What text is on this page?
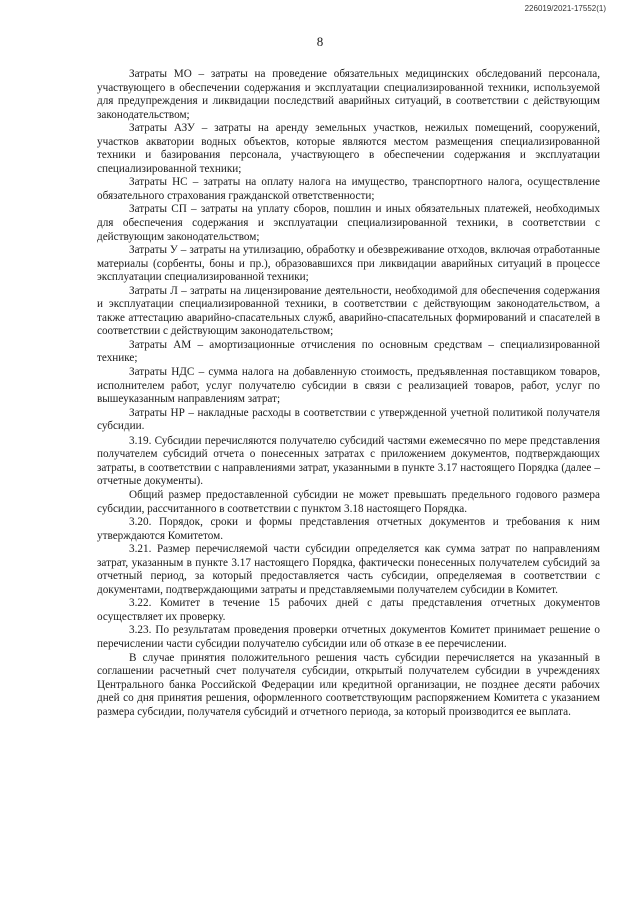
226019/2021-17552(1)
8

Затраты МО – затраты на проведение обязательных медицинских обследований персонала, участвующего в обеспечении содержания и эксплуатации специализированной техники, используемой для предупреждения и ликвидации последствий аварийных ситуаций, в соответствии с действующим законодательством;

Затраты АЗУ – затраты на аренду земельных участков, нежилых помещений, сооружений, участков акватории водных объектов, которые являются местом размещения специализированной техники и базирования персонала, участвующего в обеспечении содержания и эксплуатации специализированной техники;

Затраты НС – затраты на оплату налога на имущество, транспортного налога, осуществление обязательного страхования гражданской ответственности;

Затраты СП – затраты на уплату сборов, пошлин и иных обязательных платежей, необходимых для обеспечения содержания и эксплуатации специализированной техники, в соответствии с действующим законодательством;

Затраты У – затраты на утилизацию, обработку и обезвреживание отходов, включая отработанные материалы (сорбенты, боны и пр.), образовавшихся при ликвидации аварийных ситуаций в процессе эксплуатации специализированной техники;

Затраты Л – затраты на лицензирование деятельности, необходимой для обеспечения содержания и эксплуатации специализированной техники, в соответствии с действующим законодательством, а также аттестацию аварийно-спасательных служб, аварийно-спасательных формирований и спасателей в соответствии с действующим законодательством;

Затраты АМ – амортизационные отчисления по основным средствам – специализированной технике;

Затраты НДС – сумма налога на добавленную стоимость, предъявленная поставщиком товаров, исполнителем работ, услуг получателю субсидии в связи с реализацией товаров, работ, услуг по вышеуказанным направлениям затрат;

Затраты НР – накладные расходы в соответствии с утвержденной учетной политикой получателя субсидии.

3.19. Субсидии перечисляются получателю субсидий частями ежемесячно по мере представления получателем субсидий отчета о понесенных затратах с приложением документов, подтверждающих затраты, в соответствии с направлениями затрат, указанными в пункте 3.17 настоящего Порядка (далее – отчетные документы).

Общий размер предоставленной субсидии не может превышать предельного годового размера субсидии, рассчитанного в соответствии с пунктом 3.18 настоящего Порядка.

3.20. Порядок, сроки и формы представления отчетных документов и требования к ним утверждаются Комитетом.

3.21. Размер перечисляемой части субсидии определяется как сумма затрат по направлениям затрат, указанным в пункте 3.17 настоящего Порядка, фактически понесенных получателем субсидий за отчетный период, за который предоставляется часть субсидии, определяемая в соответствии с документами, подтверждающими затраты и представляемыми получателем субсидии в Комитет.

3.22. Комитет в течение 15 рабочих дней с даты представления отчетных документов осуществляет их проверку.

3.23. По результатам проведения проверки отчетных документов Комитет принимает решение о перечислении части субсидии получателю субсидии или об отказе в ее перечислении.

В случае принятия положительного решения часть субсидии перечисляется на указанный в соглашении расчетный счет получателя субсидии, открытый получателем субсидии в учреждениях Центрального банка Российской Федерации или кредитной организации, не позднее десяти рабочих дней со дня принятия решения, оформленного соответствующим распоряжением Комитета с указанием размера субсидии, получателя субсидий и отчетного периода, за который производится ее выплата.
